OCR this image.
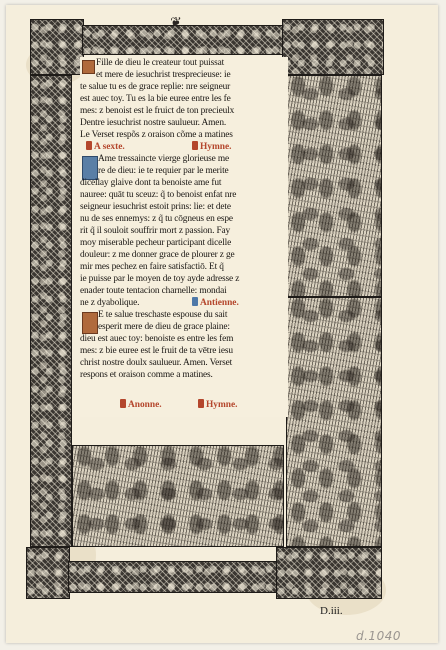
❦
Fille de dieu le createur tout puissat
et mere de iesuchrist tresprecieuse: ie
te salue tu es de grace replie: nre seigneur
est auec toy. Tu es la bie euree entre les fe
mes: z benoist est le fruict de ton precieulx
Dentre iesuchrist nostre saulueur. Amen.
Le Verset respõs z oraison cõme a matines
A sexte.	Hymne.
Ame tressaincte vierge glorieuse me
re de dieu: ie te requier par le merite
dicellay glaive dont ta benoiste ame fut
nauree: quāt tu sceuz: q̃ to benoist enfat nre
seigneur iesuchrist estoit prins: lie: et dete
nu de ses ennemys: z q̃ tu cōgneus en espe
rit q̃ il souloit souffrir mort z passion. Fay
moy miserable pecheur participant dicelle
douleur: z me donner grace de plourer z ge
mir mes pechez en faire satisfactiō. Et q̃
ie puisse par le moyen de toy ayde adresse z
enader toute tentacion charnelle: mondai
ne z dyabolique.	Antienne.
E te salue treschaste espouse du sait
esperit mere de dieu de grace plaine:
dieu est auec toy: benoiste es entre les fem
mes: z bie euree est le fruit de ta vētre iesu
christ nostre doulx saulueur. Amen. Verset
respons et oraison comme a matines.
Anonne.	Hymne.
D.iii.
d.1040
